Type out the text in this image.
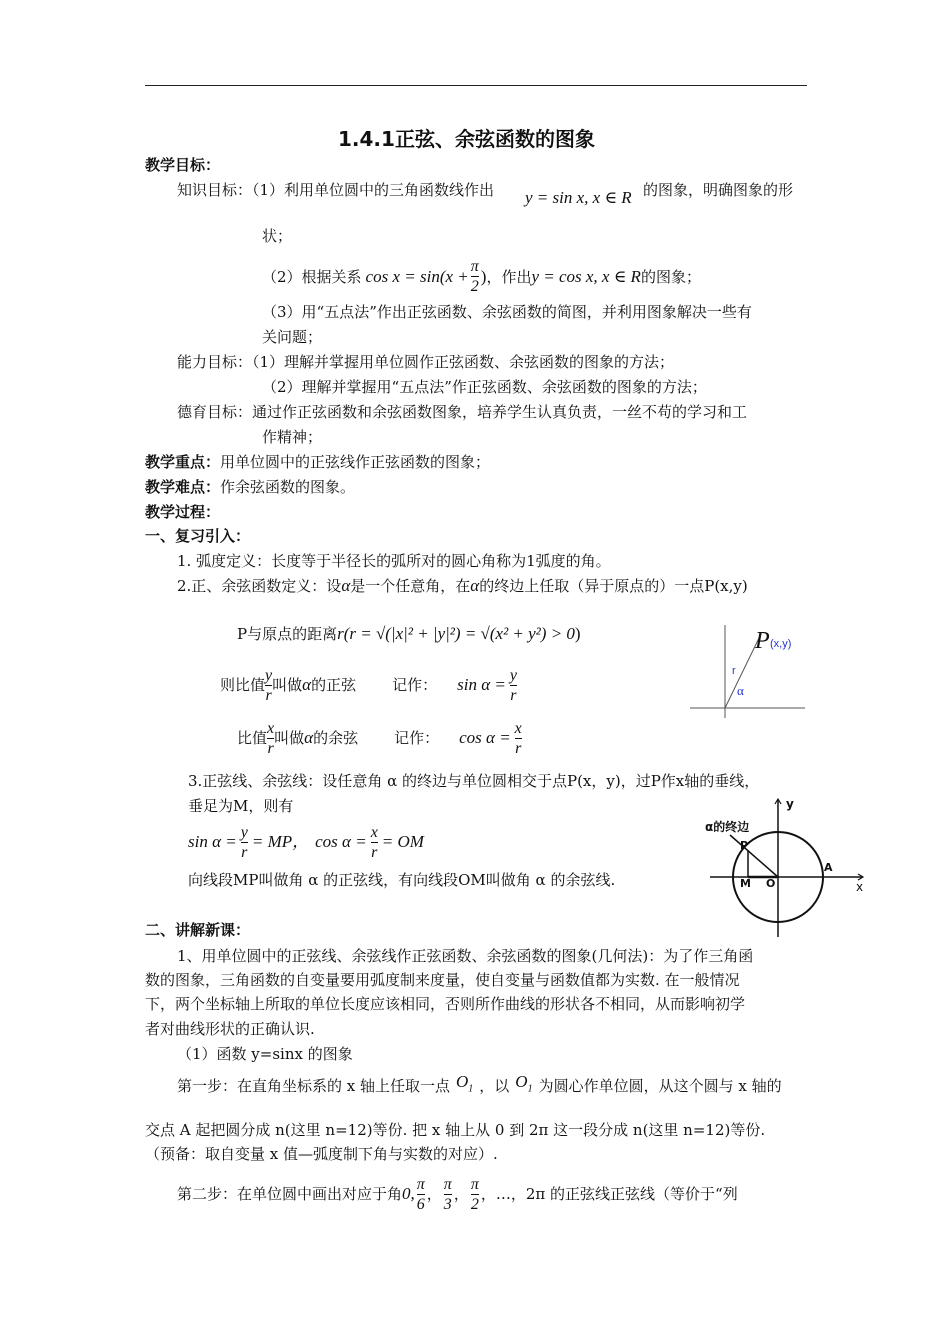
1.4.1正弦、余弦函数的图象
教学目标：
知识目标：（1）利用单位圆中的三角函数线作出 y = sin x, x ∈ R 的图象，明确图象的形
状；
（2）根据关系 $\cos x = \sin(x + \frac{\pi}{2}$ ) ，作出 y = cos x, x ∈ R 的图象；
（3）用“五点法”作出正弦函数、余弦函数的简图，并利用图象解决一些有
关问题；
能力目标：（1）理解并掌握用单位圆作正弦函数、余弦函数的图象的方法；
（2）理解并掌握用“五点法”作正弦函数、余弦函数的图象的方法；
德育目标：通过作正弦函数和余弦函数图象，培养学生认真负责，一丝不苟的学习和工
作精神；
教学重点：用单位圆中的正弦线作正弦函数的图象；
教学难点：作余弦函数的图象。
教学过程：
一、复习引入：
1. 弧度定义：长度等于半径长的弧所对的圆心角称为1弧度的角。
2.正、余弦函数定义：设α是一个任意角，在α的终边上任取（异于原点的）一点P(x,y)
P与原点的距离r(r = √(|x|² + |y|²) = √(x² + y²) > 0)
则比值 $\frac{y}{r}$ 叫做 α 的正弦 记作： $\sin \alpha = \frac{y}{r}$
比值 $\frac{x}{r}$ 叫做 α 的余弦 记作： $\cos \alpha = \frac{x}{r}$
P (x,y)
r
α
3.正弦线、余弦线：设任意角 α 的终边与单位圆相交于点P(x，y)，过P作x轴的垂线，
垂足为M，则有
$\sin \alpha = \frac{y}{r}$ = MP， $\cos \alpha = \frac{x}{r}$ = OM
向线段MP叫做角 α 的正弦线，有向线段OM叫做角 α 的余弦线.
α的终边
y
x
P
M O
A
二、讲解新课：
1、用单位圆中的正弦线、余弦线作正弦函数、余弦函数的图象(几何法)：为了作三角函
数的图象，三角函数的自变量要用弧度制来度量，使自变量与函数值都为实数. 在一般情况
下，两个坐标轴上所取的单位长度应该相同，否则所作曲线的形状各不相同，从而影响初学
者对曲线形状的正确认识.
（1）函数 y=sinx 的图象
第一步：在直角坐标系的 x 轴上任取一点 $O_1$ ，以 $O_1$ 为圆心作单位圆，从这个圆与 x 轴的
交点 A 起把圆分成 n(这里 n=12)等份. 把 x 轴上从 0 到 2π 这一段分成 n(这里 n=12)等份.
（预备：取自变量 x 值—弧度制下角与实数的对应）.
第二步：在单位圆中画出对应于角 0, $\frac{\pi}{6}$ ， $\frac{\pi}{3}$ ， $\frac{\pi}{2}$ ，…， 2π 的正弦线正弦线（等价于“列
